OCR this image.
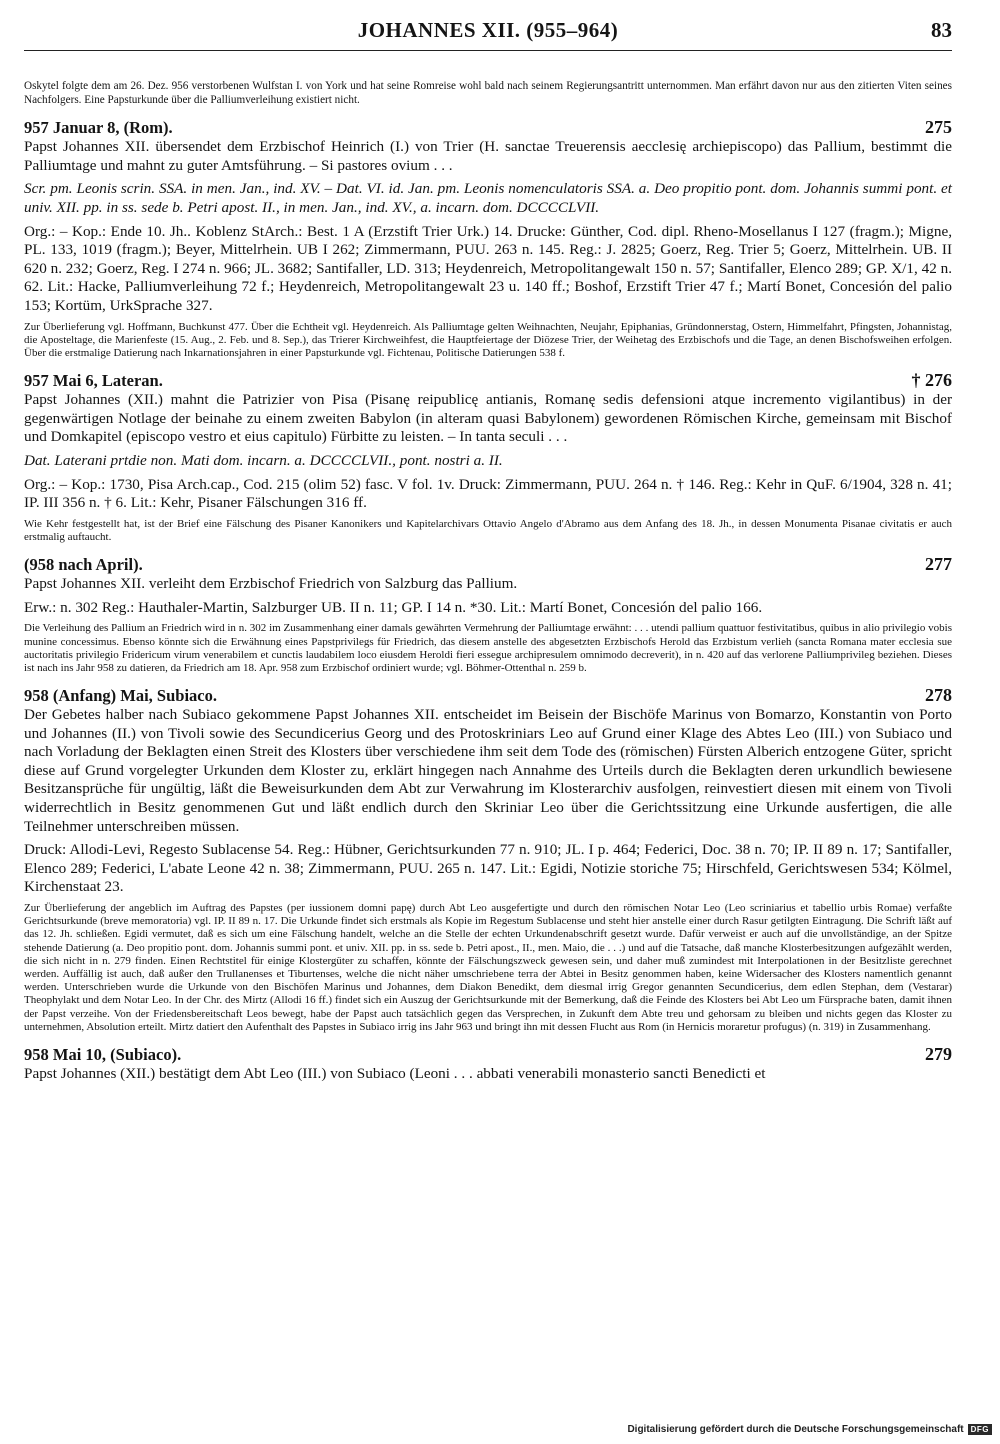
JOHANNES XII. (955–964)	83

Oskytel folgte dem am 26. Dez. 956 verstorbenen Wulfstan I. von York und hat seine Romreise wohl bald nach seinem Regierungsantritt unternommen. Man erfährt davon nur aus den zitierten Viten seines Nachfolgers. Eine Papsturkunde über die Palliumverleihung existiert nicht.

957 Januar 8, (Rom).	275

Papst Johannes XII. übersendet dem Erzbischof Heinrich (I.) von Trier (H. sanctae Treuerensis aecclesię archiepiscopo) das Pallium, bestimmt die Palliumtage und mahnt zu guter Amtsführung. – Si pastores ovium . . .

Scr. pm. Leonis scrin. SSA. in men. Jan., ind. XV. – Dat. VI. id. Jan. pm. Leonis nomenculatoris SSA. a. Deo propitio pont. dom. Johannis summi pont. et univ. XII. pp. in ss. sede b. Petri apost. II., in men. Jan., ind. XV., a. incarn. dom. DCCCCLVII.

Org.: – Kop.: Ende 10. Jh.. Koblenz StArch.: Best. 1 A (Erzstift Trier Urk.) 14. Drucke: Günther, Cod. dipl. Rheno-Mosellanus I 127 (fragm.); Migne, PL. 133, 1019 (fragm.); Beyer, Mittelrhein. UB I 262; Zimmermann, PUU. 263 n. 145. Reg.: J. 2825; Goerz, Reg. Trier 5; Goerz, Mittelrhein. UB. II 620 n. 232; Goerz, Reg. I 274 n. 966; JL. 3682; Santifaller, LD. 313; Heydenreich, Metropolitangewalt 150 n. 57; Santifaller, Elenco 289; GP. X/1, 42 n. 62. Lit.: Hacke, Palliumverleihung 72 f.; Heydenreich, Metropolitangewalt 23 u. 140 ff.; Boshof, Erzstift Trier 47 f.; Martí Bonet, Concesión del palio 153; Kortüm, UrkSprache 327.

Zur Überlieferung vgl. Hoffmann, Buchkunst 477. Über die Echtheit vgl. Heydenreich. Als Palliumtage gelten Weihnachten, Neujahr, Epiphanias, Gründonnerstag, Ostern, Himmelfahrt, Pfingsten, Johannistag, die Aposteltage, die Marienfeste (15. Aug., 2. Feb. und 8. Sep.), das Trierer Kirchweihfest, die Hauptfeiertage der Diözese Trier, der Weihetag des Erzbischofs und die Tage, an denen Bischofsweihen erfolgen. Über die erstmalige Datierung nach Inkarnationsjahren in einer Papsturkunde vgl. Fichtenau, Politische Datierungen 538 f.

957 Mai 6, Lateran.	† 276

Papst Johannes (XII.) mahnt die Patrizier von Pisa (Pisanę reipublicę antianis, Romanę sedis defensioni atque incremento vigilantibus) in der gegenwärtigen Notlage der beinahe zu einem zweiten Babylon (in alteram quasi Babylonem) gewordenen Römischen Kirche, gemeinsam mit Bischof und Domkapitel (episcopo vestro et eius capitulo) Fürbitte zu leisten. – In tanta seculi . . .

Dat. Laterani prtdie non. Mati dom. incarn. a. DCCCCLVII., pont. nostri a. II.

Org.: – Kop.: 1730, Pisa Arch.cap., Cod. 215 (olim 52) fasc. V fol. 1v. Druck: Zimmermann, PUU. 264 n. † 146. Reg.: Kehr in QuF. 6/1904, 328 n. 41; IP. III 356 n. † 6. Lit.: Kehr, Pisaner Fälschungen 316 ff.

Wie Kehr festgestellt hat, ist der Brief eine Fälschung des Pisaner Kanonikers und Kapitelarchivars Ottavio Angelo d'Abramo aus dem Anfang des 18. Jh., in dessen Monumenta Pisanae civitatis er auch erstmalig auftaucht.

(958 nach April).	277

Papst Johannes XII. verleiht dem Erzbischof Friedrich von Salzburg das Pallium.

Erw.: n. 302 Reg.: Hauthaler-Martin, Salzburger UB. II n. 11; GP. I 14 n. *30. Lit.: Martí Bonet, Concesión del palio 166.

Die Verleihung des Pallium an Friedrich wird in n. 302 im Zusammenhang einer damals gewährten Vermehrung der Palliumtage erwähnt: . . . utendi pallium quattuor festivitatibus, quibus in alio privilegio vobis munine concessimus. Ebenso könnte sich die Erwähnung eines Papstprivilegs für Friedrich, das diesem anstelle des abgesetzten Erzbischofs Herold das Erzbistum verlieh (sancta Romana mater ecclesia sue auctoritatis privilegio Fridericum virum venerabilem et cunctis laudabilem loco eiusdem Heroldi fieri essegue archipresulem omnimodo decreverit), in n. 420 auf das verlorene Palliumprivileg beziehen. Dieses ist nach ins Jahr 958 zu datieren, da Friedrich am 18. Apr. 958 zum Erzbischof ordiniert wurde; vgl. Böhmer-Ottenthal n. 259 b.

958 (Anfang) Mai, Subiaco.	278

Der Gebetes halber nach Subiaco gekommene Papst Johannes XII. entscheidet im Beisein der Bischöfe Marinus von Bomarzo, Konstantin von Porto und Johannes (II.) von Tivoli sowie des Secundicerius Georg und des Protoskriniars Leo auf Grund einer Klage des Abtes Leo (III.) von Subiaco und nach Vorladung der Beklagten einen Streit des Klosters über verschiedene ihm seit dem Tode des (römischen) Fürsten Alberich entzogene Güter, spricht diese auf Grund vorgelegter Urkunden dem Kloster zu, erklärt hingegen nach Annahme des Urteils durch die Beklagten deren urkundlich bewiesene Besitzansprüche für ungültig, läßt die Beweisurkunden dem Abt zur Verwahrung im Klosterarchiv ausfolgen, reinvestiert diesen mit einem von Tivoli widerrechtlich in Besitz genommenen Gut und läßt endlich durch den Skriniar Leo über die Gerichtssitzung eine Urkunde ausfertigen, die alle Teilnehmer unterschreiben müssen.

Druck: Allodi-Levi, Regesto Sublacense 54. Reg.: Hübner, Gerichtsurkunden 77 n. 910; JL. I p. 464; Federici, Doc. 38 n. 70; IP. II 89 n. 17; Santifaller, Elenco 289; Federici, L'abate Leone 42 n. 38; Zimmermann, PUU. 265 n. 147. Lit.: Egidi, Notizie storiche 75; Hirschfeld, Gerichtswesen 534; Kölmel, Kirchenstaat 23.

Zur Überlieferung der angeblich im Auftrag des Papstes (per iussionem domni papę) durch Abt Leo ausgefertigte und durch den römischen Notar Leo (Leo scriniarius et tabellio urbis Romae) verfaßte Gerichtsurkunde (breve memoratoria) vgl. IP. II 89 n. 17. Die Urkunde findet sich erstmals als Kopie im Regestum Sublacense und steht hier anstelle einer durch Rasur getilgten Eintragung. Die Schrift läßt auf das 12. Jh. schließen. Egidi vermutet, daß es sich um eine Fälschung handelt, welche an die Stelle der echten Urkundenabschrift gesetzt wurde. Dafür verweist er auch auf die unvollständige, an der Spitze stehende Datierung (a. Deo propitio pont. dom. Johannis summi pont. et univ. XII. pp. in ss. sede b. Petri apost., II., men. Maio, die . . .) und auf die Tatsache, daß manche Klosterbesitzungen aufgezählt werden, die sich nicht in n. 279 finden. Einen Rechtstitel für einige Klostergüter zu schaffen, könnte der Fälschungszweck gewesen sein, und daher muß zumindest mit Interpolationen in der Besitzliste gerechnet werden. Auffällig ist auch, daß außer den Trullanenses et Tiburtenses, welche die nicht näher umschriebene terra der Abtei in Besitz genommen haben, keine Widersacher des Klosters namentlich genannt werden. Unterschrieben wurde die Urkunde von den Bischöfen Marinus und Johannes, dem Diakon Benedikt, dem diesmal irrig Gregor genannten Secundicerius, dem edlen Stephan, dem (Vestarar) Theophylakt und dem Notar Leo. In der Chr. des Mirtz (Allodi 16 ff.) findet sich ein Auszug der Gerichtsurkunde mit der Bemerkung, daß die Feinde des Klosters bei Abt Leo um Fürsprache baten, damit ihnen der Papst verzeihe. Von der Friedensbereitschaft Leos bewegt, habe der Papst auch tatsächlich gegen das Versprechen, in Zukunft dem Abte treu und gehorsam zu bleiben und nichts gegen das Kloster zu unternehmen, Absolution erteilt. Mirtz datiert den Aufenthalt des Papstes in Subiaco irrig ins Jahr 963 und bringt ihn mit dessen Flucht aus Rom (in Hernicis moraretur profugus) (n. 319) in Zusammenhang.

958 Mai 10, (Subiaco).	279

Papst Johannes (XII.) bestätigt dem Abt Leo (III.) von Subiaco (Leoni . . . abbati venerabili monasterio sancti Benedicti et

Digitalisierung gefördert durch die Deutsche Forschungsgemeinschaft DFG
